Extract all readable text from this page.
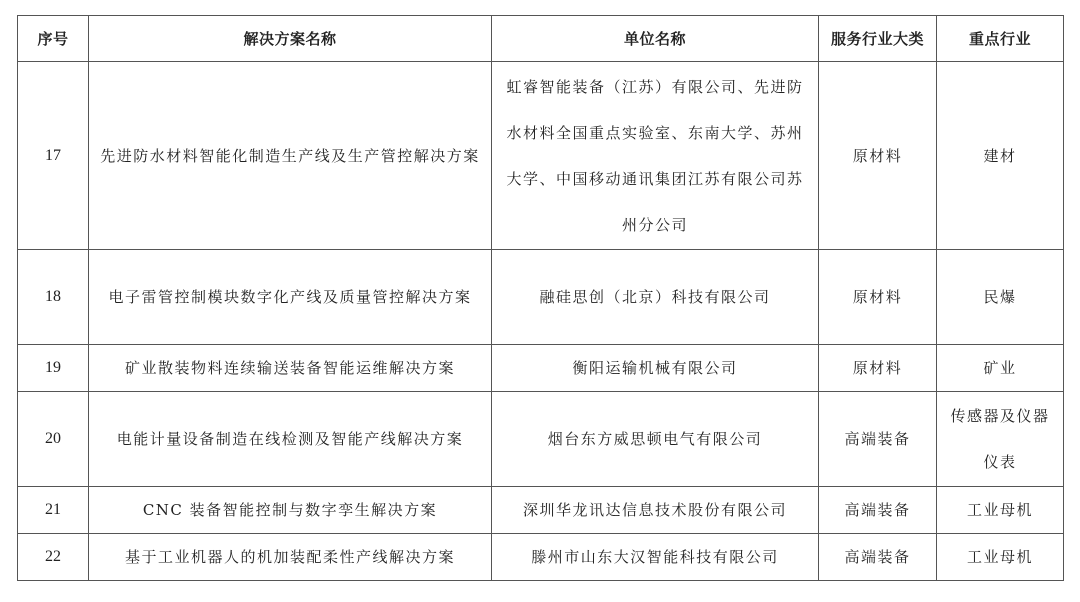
序号	解决方案名称	单位名称	服务行业大类	重点行业
17	先进防水材料智能化制造生产线及生产管控解决方案	虹睿智能装备（江苏）有限公司、先进防水材料全国重点实验室、东南大学、苏州大学、中国移动通讯集团江苏有限公司苏州分公司	原材料	建材
18	电子雷管控制模块数字化产线及质量管控解决方案	融硅思创（北京）科技有限公司	原材料	民爆
19	矿业散装物料连续输送装备智能运维解决方案	衡阳运输机械有限公司	原材料	矿业
20	电能计量设备制造在线检测及智能产线解决方案	烟台东方威思顿电气有限公司	高端装备	传感器及仪器仪表
21	CNC 装备智能控制与数字孪生解决方案	深圳华龙讯达信息技术股份有限公司	高端装备	工业母机
22	基于工业机器人的机加装配柔性产线解决方案	滕州市山东大汉智能科技有限公司	高端装备	工业母机
